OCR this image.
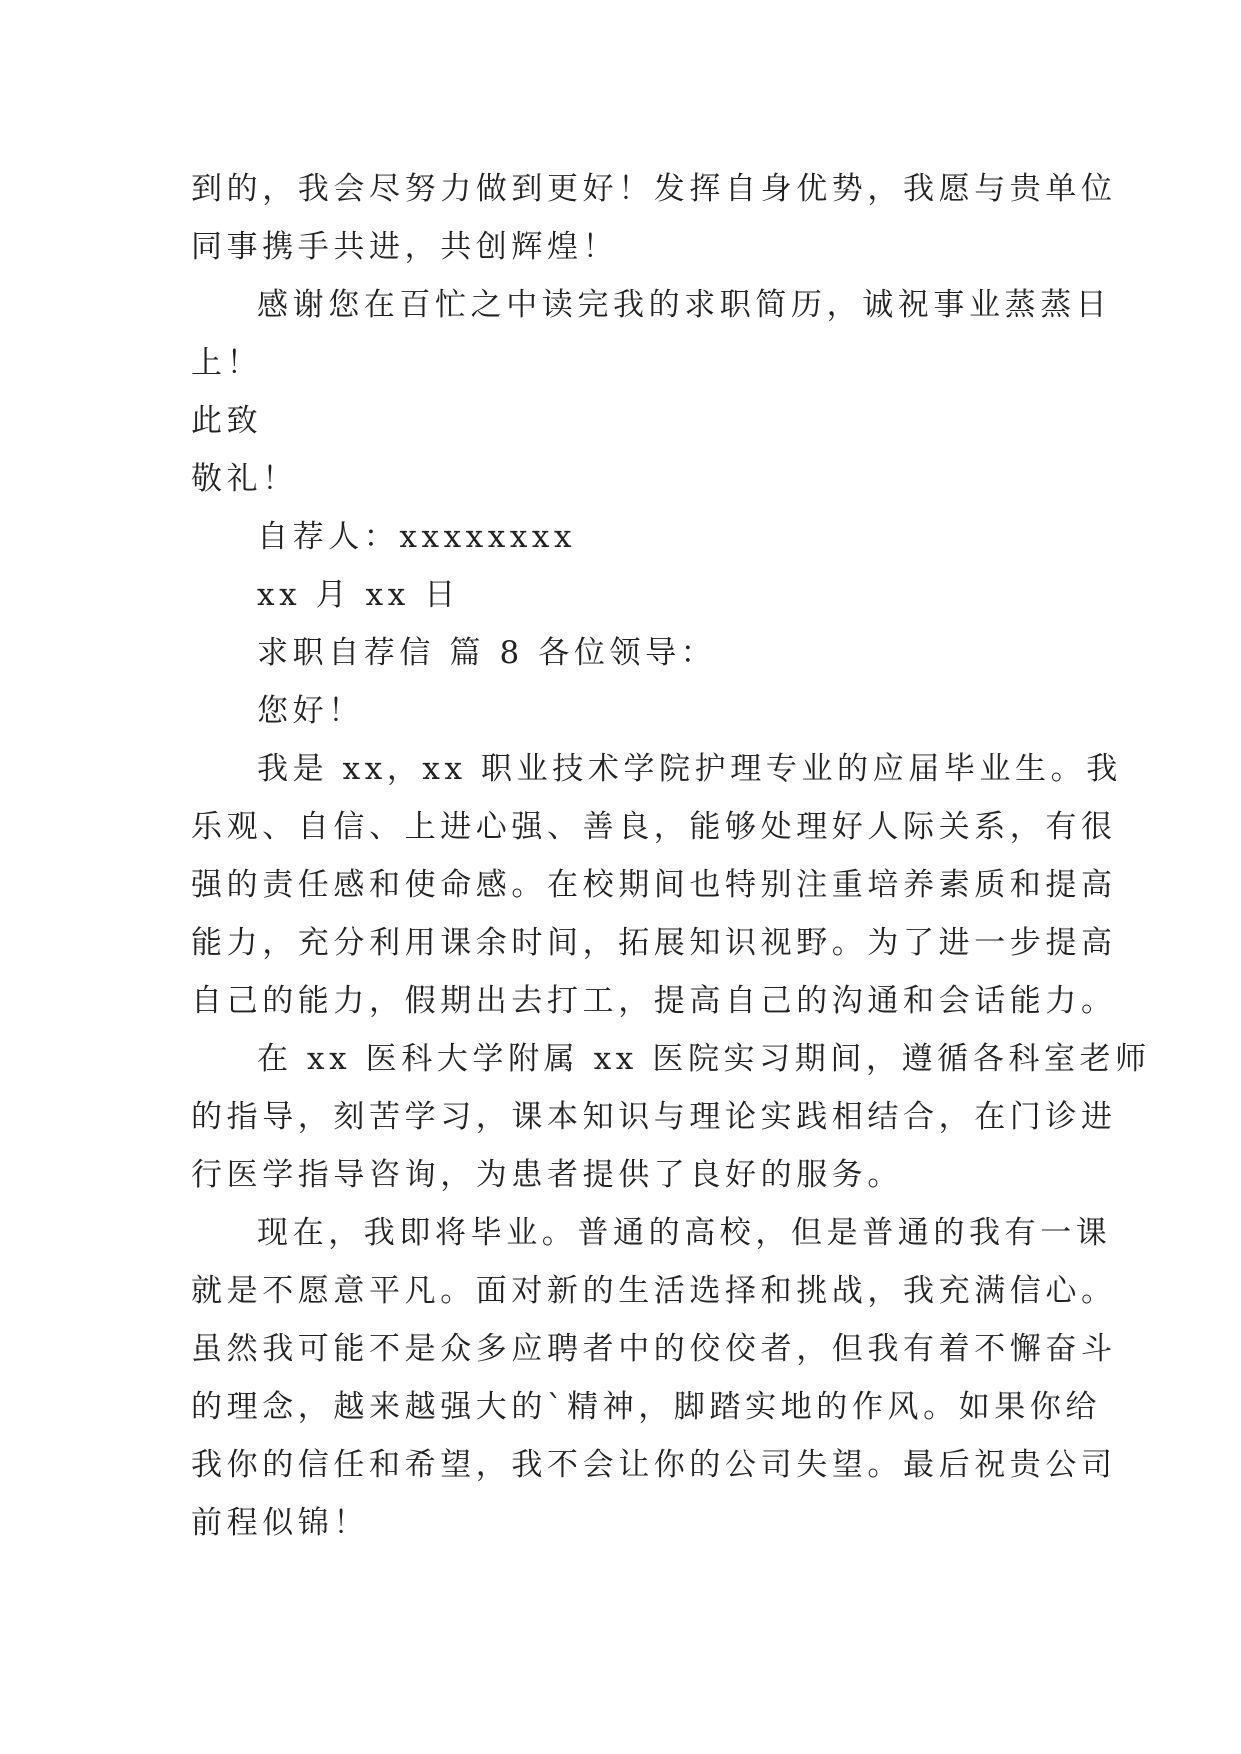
到的，我会尽努力做到更好！发挥自身优势，我愿与贵单位
同事携手共进，共创辉煌！
感谢您在百忙之中读完我的求职简历，诚祝事业蒸蒸日
上！
此致
敬礼！
自荐人：xxxxxxxx
xx 月 xx 日
求职自荐信 篇 8 各位领导：
您好！
我是 xx，xx 职业技术学院护理专业的应届毕业生。我
乐观、自信、上进心强、善良，能够处理好人际关系，有很
强的责任感和使命感。在校期间也特别注重培养素质和提高
能力，充分利用课余时间，拓展知识视野。为了进一步提高
自己的能力，假期出去打工，提高自己的沟通和会话能力。
在 xx 医科大学附属 xx 医院实习期间，遵循各科室老师
的指导，刻苦学习，课本知识与理论实践相结合，在门诊进
行医学指导咨询，为患者提供了良好的服务。
现在，我即将毕业。普通的高校，但是普通的我有一课
就是不愿意平凡。面对新的生活选择和挑战，我充满信心。
虽然我可能不是众多应聘者中的佼佼者，但我有着不懈奋斗
的理念，越来越强大的`精神，脚踏实地的作风。如果你给
我你的信任和希望，我不会让你的公司失望。最后祝贵公司
前程似锦！
